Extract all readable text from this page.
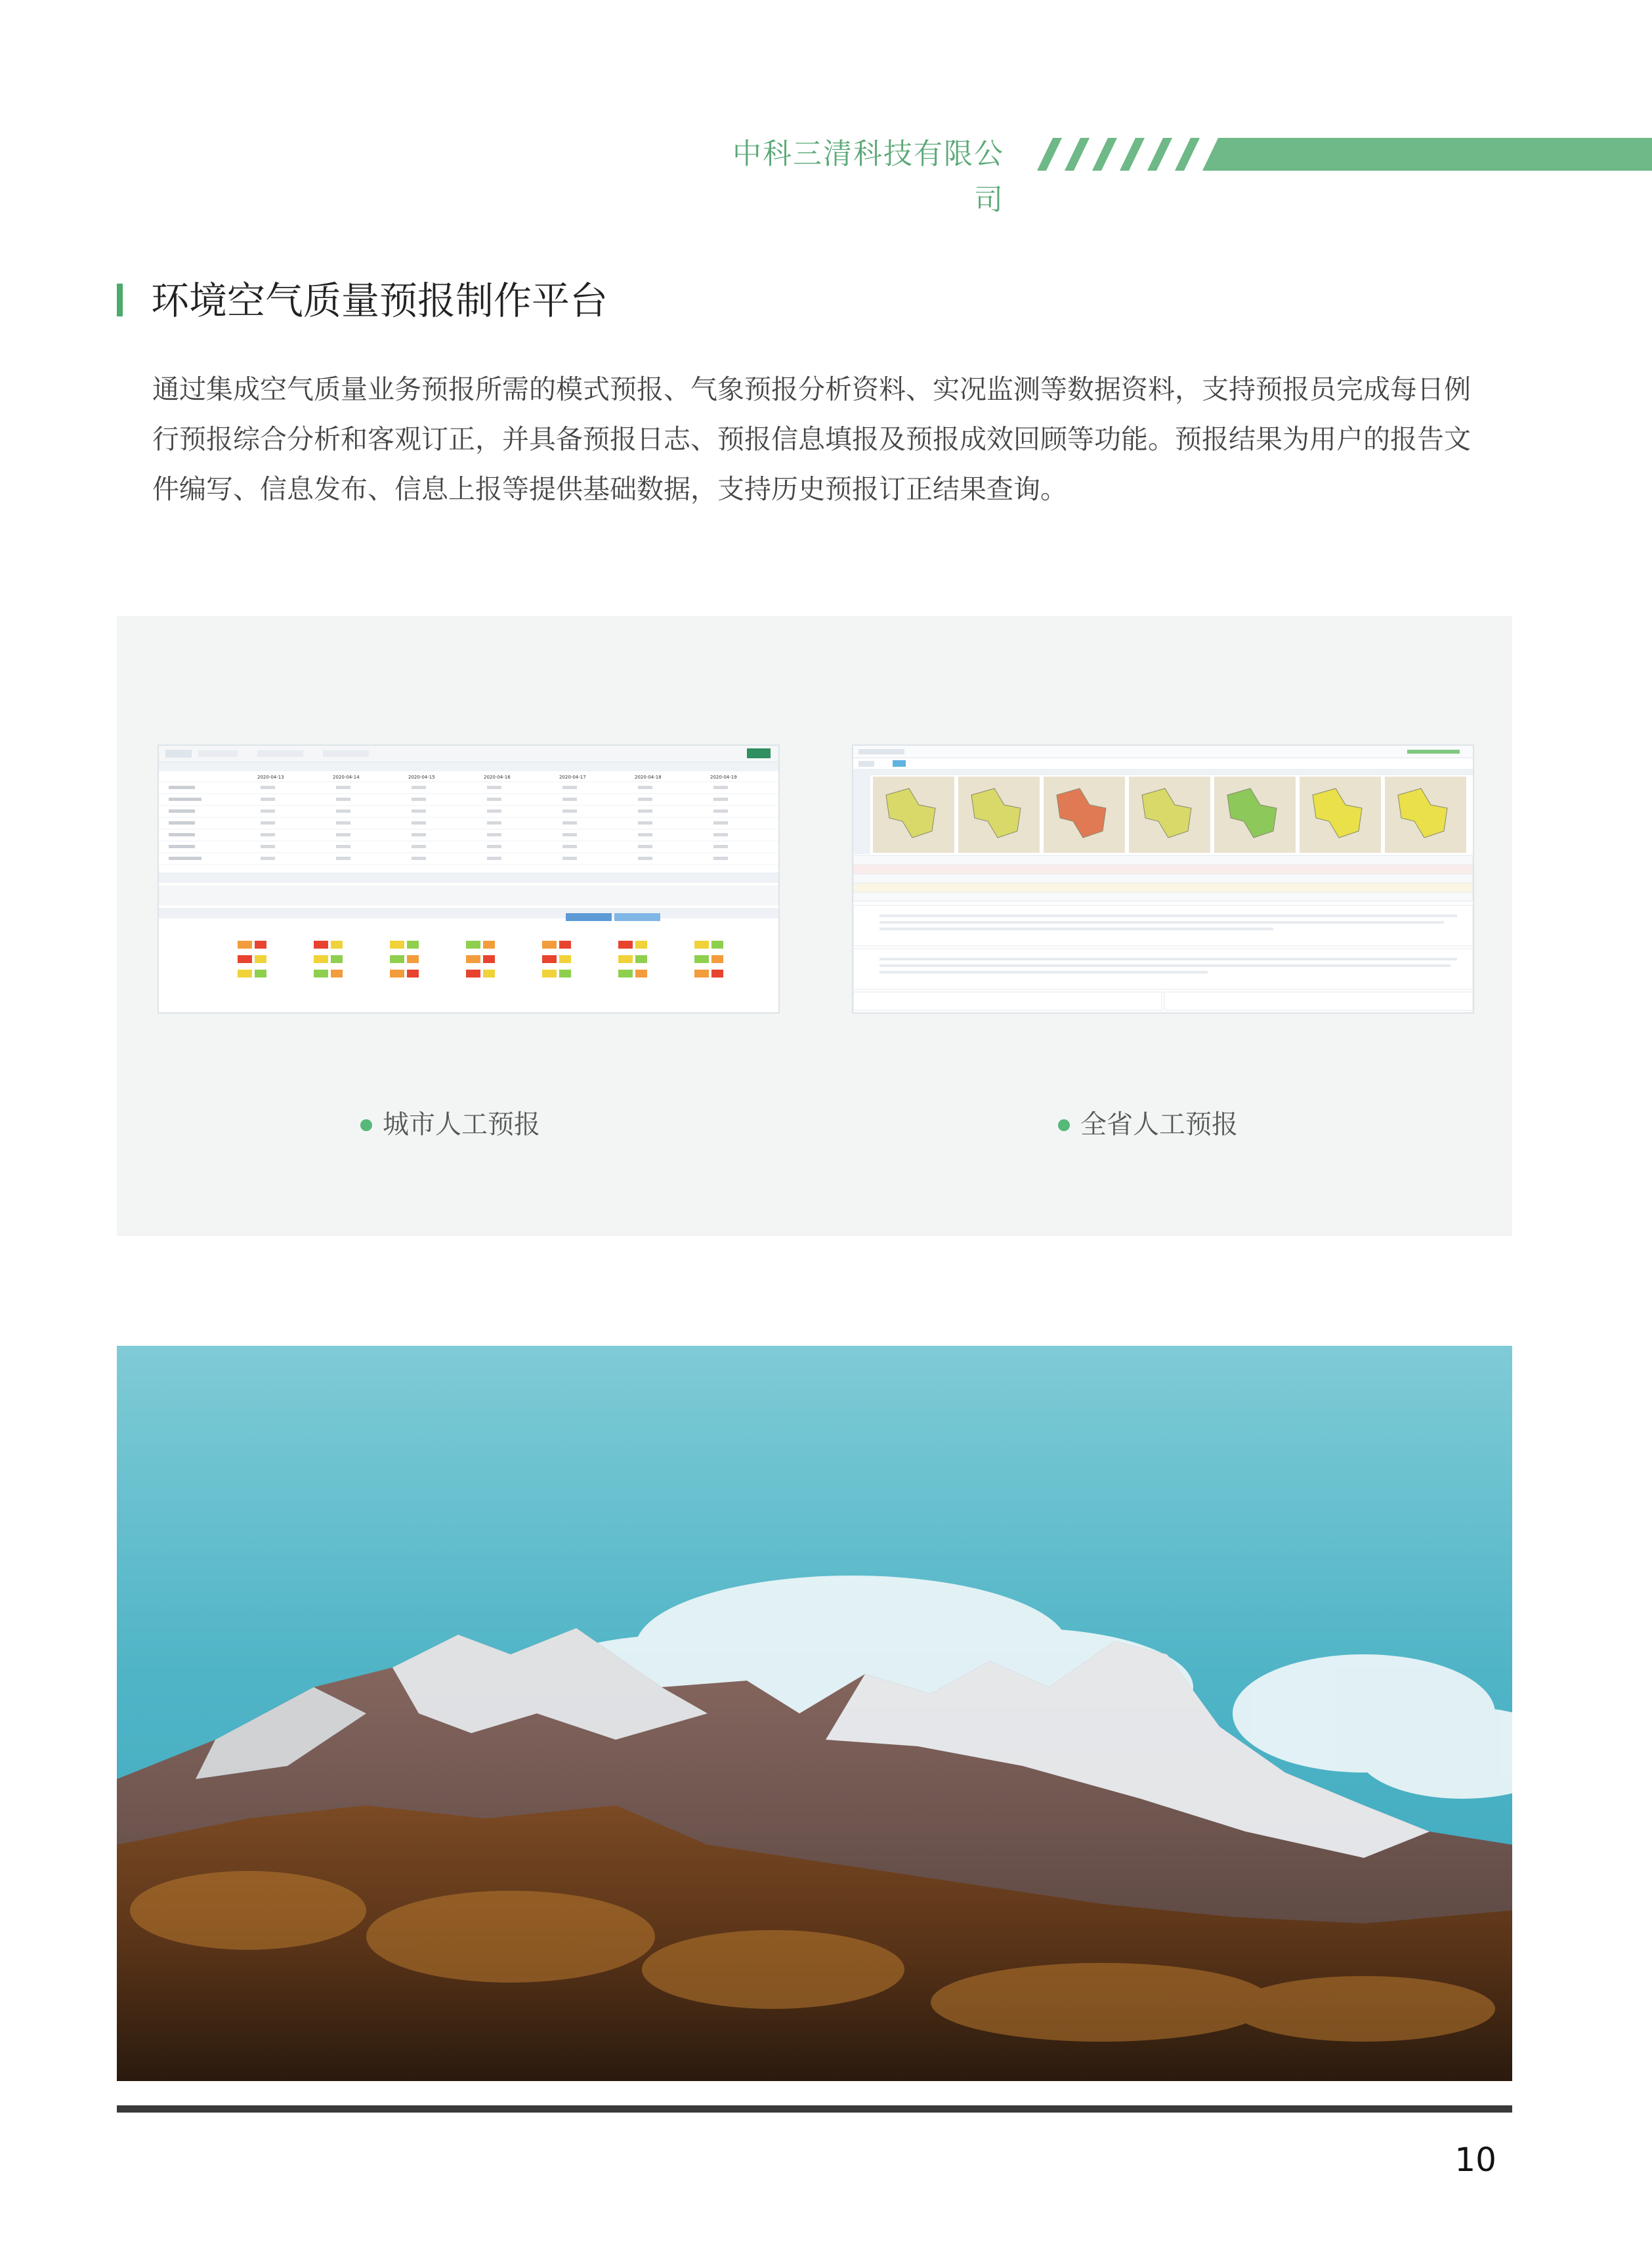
中科三清科技有限公司
环境空气质量预报制作平台
通过集成空气质量业务预报所需的模式预报、气象预报分析资料、实况监测等数据资料，支持预报员完成每日例行预报综合分析和客观订正，并具备预报日志、预报信息填报及预报成效回顾等功能。预报结果为用户的报告文件编写、信息发布、信息上报等提供基础数据，支持历史预报订正结果查询。
2020-04-13	2020-04-14	2020-04-15	2020-04-16	2020-04-17	2020-04-18	2020-04-19
城市人工预报	全省人工预报
10
